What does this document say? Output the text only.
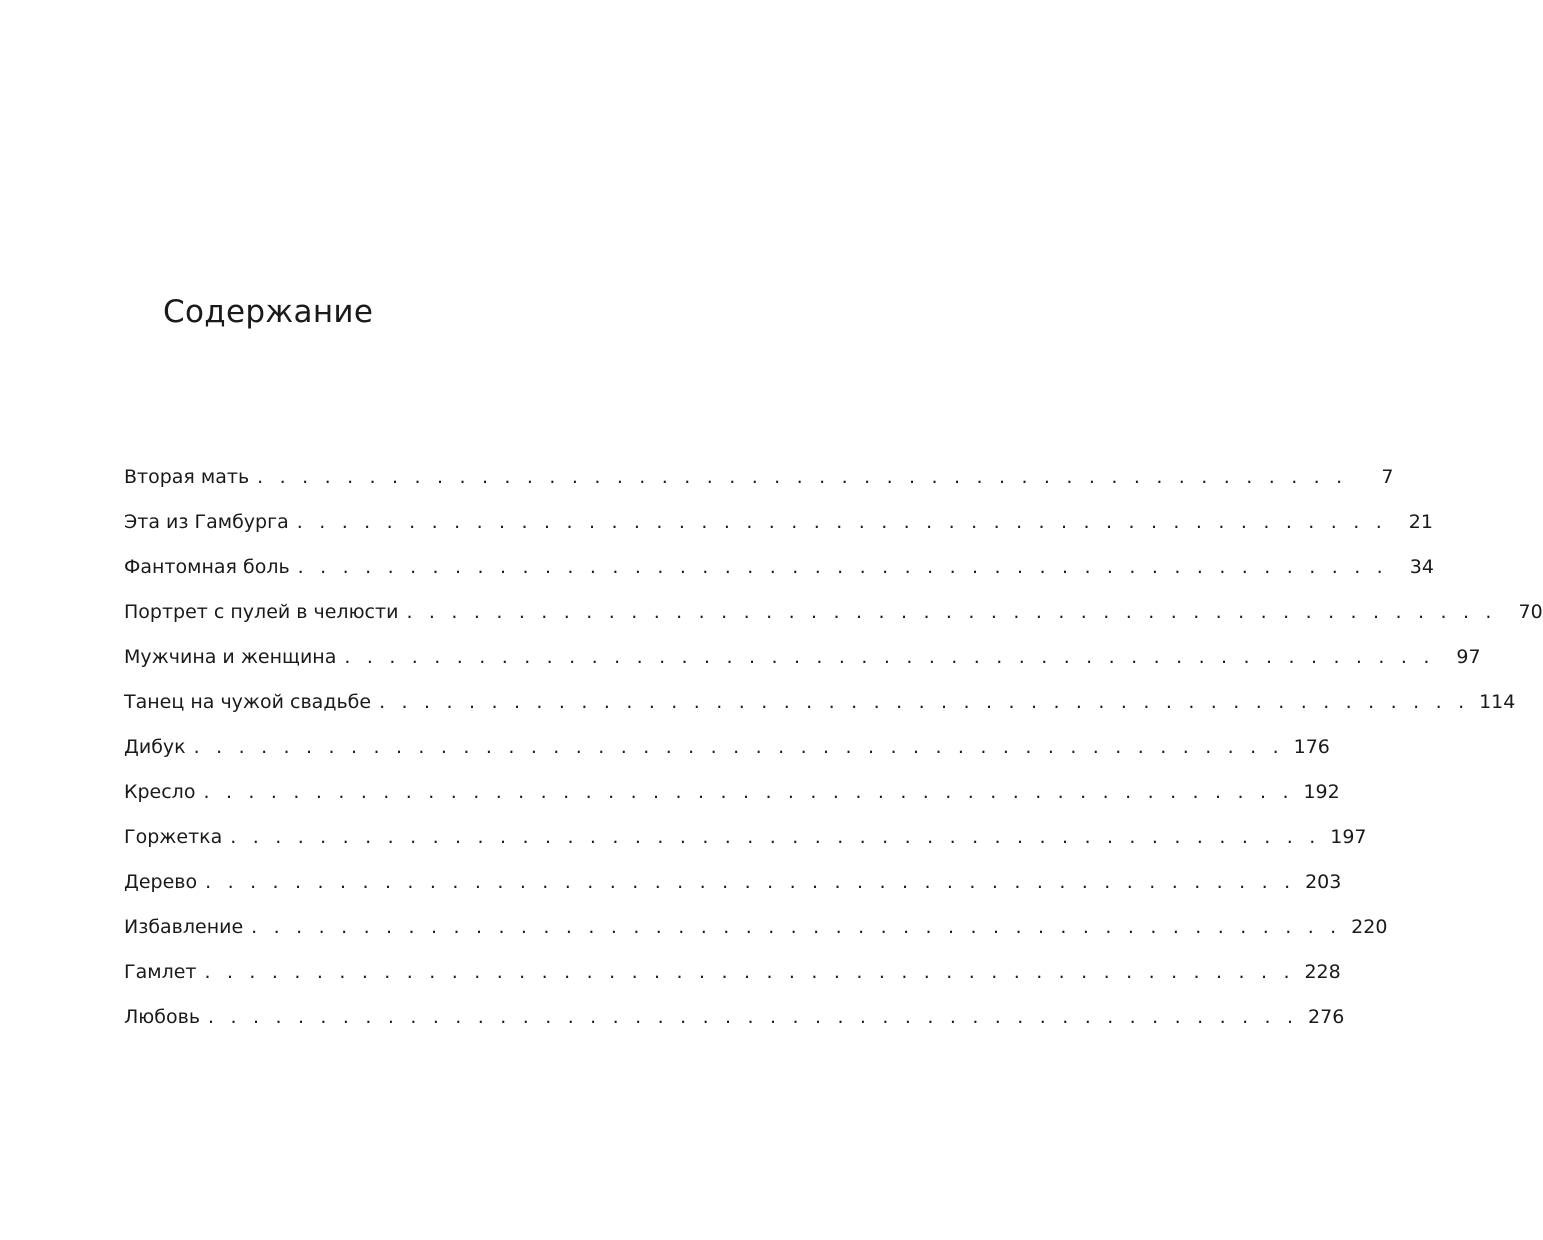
Содержание
Вторая мать . . . . . . . . . . . . . . . . . . . . . . . . . . . . . . . . . . . . . . . . . . . . . . . . .	7
Эта из Гамбурга . . . . . . . . . . . . . . . . . . . . . . . . . . . . . . . . . . . . . . . . . . . . . . . . .	21
Фантомная боль . . . . . . . . . . . . . . . . . . . . . . . . . . . . . . . . . . . . . . . . . . . . . . . . .	34
Портрет с пулей в челюсти . . . . . . . . . . . . . . . . . . . . . . . . . . . . . . . . . . . . . . . . . . . . . . . . .	70
Мужчина и женщина . . . . . . . . . . . . . . . . . . . . . . . . . . . . . . . . . . . . . . . . . . . . . . . . .	97
Танец на чужой свадьбе . . . . . . . . . . . . . . . . . . . . . . . . . . . . . . . . . . . . . . . . . . . . . . . . . 114
Дибук . . . . . . . . . . . . . . . . . . . . . . . . . . . . . . . . . . . . . . . . . . . . . . . . . 176
Кресло . . . . . . . . . . . . . . . . . . . . . . . . . . . . . . . . . . . . . . . . . . . . . . . . . 192
Горжетка . . . . . . . . . . . . . . . . . . . . . . . . . . . . . . . . . . . . . . . . . . . . . . . . . 197
Дерево . . . . . . . . . . . . . . . . . . . . . . . . . . . . . . . . . . . . . . . . . . . . . . . . . 203
Избавление . . . . . . . . . . . . . . . . . . . . . . . . . . . . . . . . . . . . . . . . . . . . . . . . . 220
Гамлет . . . . . . . . . . . . . . . . . . . . . . . . . . . . . . . . . . . . . . . . . . . . . . . . . 228
Любовь . . . . . . . . . . . . . . . . . . . . . . . . . . . . . . . . . . . . . . . . . . . . . . . . . 276
